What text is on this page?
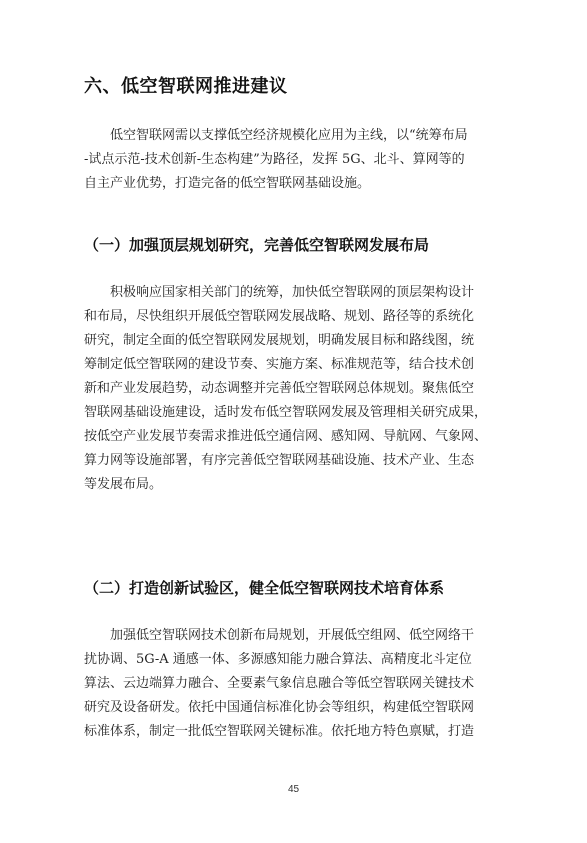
六、低空智联网推进建议
低空智联网需以支撑低空经济规模化应用为主线，以“统筹布局
-试点示范-技术创新-生态构建”为路径，发挥 5G、北斗、算网等的
自主产业优势，打造完备的低空智联网基础设施。
（一）加强顶层规划研究，完善低空智联网发展布局
积极响应国家相关部门的统筹，加快低空智联网的顶层架构设计
和布局，尽快组织开展低空智联网发展战略、规划、路径等的系统化
研究，制定全面的低空智联网发展规划，明确发展目标和路线图，统
筹制定低空智联网的建设节奏、实施方案、标准规范等，结合技术创
新和产业发展趋势，动态调整并完善低空智联网总体规划。聚焦低空
智联网基础设施建设，适时发布低空智联网发展及管理相关研究成果，
按低空产业发展节奏需求推进低空通信网、感知网、导航网、气象网、
算力网等设施部署，有序完善低空智联网基础设施、技术产业、生态
等发展布局。
（二）打造创新试验区，健全低空智联网技术培育体系
加强低空智联网技术创新布局规划，开展低空组网、低空网络干
扰协调、5G-A 通感一体、多源感知能力融合算法、高精度北斗定位
算法、云边端算力融合、全要素气象信息融合等低空智联网关键技术
研究及设备研发。依托中国通信标准化协会等组织，构建低空智联网
标准体系，制定一批低空智联网关键标准。依托地方特色禀赋，打造
45
